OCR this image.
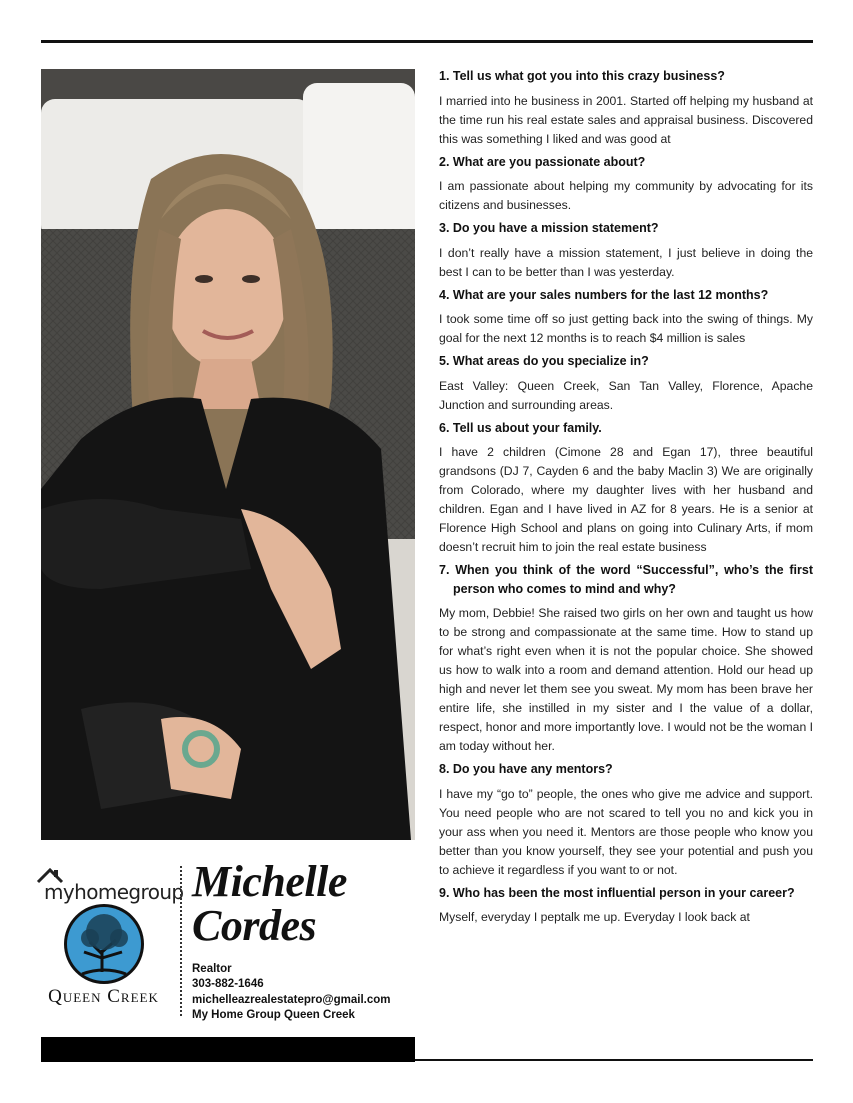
myhomegroup
Queen Creek
Michelle
Cordes
Realtor
303-882-1646
michelleazrealestatepro@gmail.com
My Home Group Queen Creek

1. Tell us what got you into this crazy business?

I married into he business in 2001. Started off helping my husband at the time run his real estate sales and appraisal business. Discovered this was something I liked and was good at

2. What are you passionate about?

I am passionate about helping my community by advocating for its citizens and businesses.

3. Do you have a mission statement?

I don’t really have a mission statement, I just believe in doing the best I can to be better than I was yesterday.

4. What are your sales numbers for the last 12 months?

I took some time off so just getting back into the swing of things. My goal for the next 12 months is to reach $4 million is sales

5. What areas do you specialize in?

East Valley: Queen Creek, San Tan Valley, Florence, Apache Junction and surrounding areas.

6. Tell us about your family.

I have 2 children (Cimone 28 and Egan 17), three beautiful grandsons (DJ 7, Cayden 6 and the baby Maclin 3) We are originally from Colorado, where my daughter lives with her husband and children. Egan and I have lived in AZ for 8 years. He is a senior at Florence High School and plans on going into Culinary Arts, if mom doesn’t recruit him to join the real estate business

7. When you think of the word “Successful”, who’s the first person who comes to mind and why?

My mom, Debbie! She raised two girls on her own and taught us how to be strong and compassionate at the same time. How to stand up for what’s right even when it is not the popular choice. She showed us how to walk into a room and demand attention. Hold our head up high and never let them see you sweat. My mom has been brave her entire life, she instilled in my sister and I the value of a dollar, respect, honor and more importantly love. I would not be the woman I am today without her.

8. Do you have any mentors?

I have my “go to” people, the ones who give me advice and support. You need people who are not scared to tell you no and kick you in your ass when you need it. Mentors are those people who know you better than you know yourself, they see your potential and push you to achieve it regardless if you want to or not.

9. Who has been the most influential person in your career?

Myself, everyday I peptalk me up. Everyday I look back at
